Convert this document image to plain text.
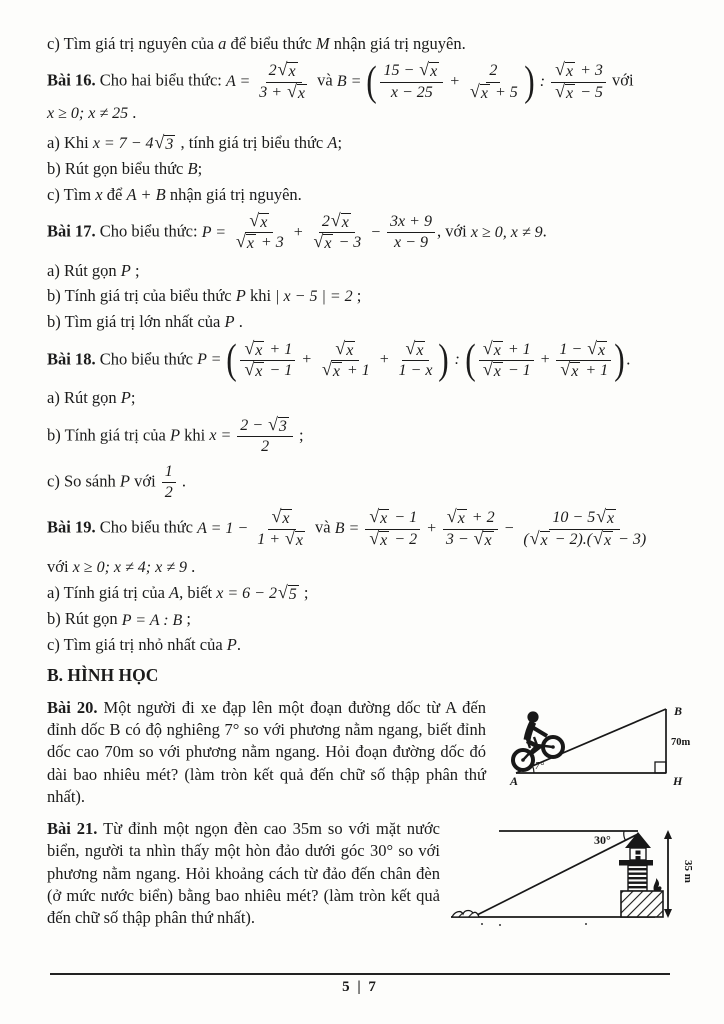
c) Tìm giá trị nguyên của a để biểu thức M nhận giá trị nguyên.
Bài 16. Cho hai biểu thức: $A = \frac{2 √ x}{3 + √ x}$ và B = ( $\frac{15 - √ x}{x - 25} + \frac{2}{√ x + 5}$ ) : $\frac{√ x + 3}{√ x - 5}$ với
x ≥ 0; x ≠ 25 .
a) Khi x = 7 − 4 √ 3 , tính giá trị biểu thức A;
b) Rút gọn biểu thức B;
c) Tìm x để A + B nhận giá trị nguyên.
Bài 17. Cho biểu thức: $P = \frac{√ x}{√ x + 3} + \frac{2 √ x}{√ x - 3} - \frac{3x + 9}{x - 9}$ , với x ≥ 0, x ≠ 9 .
a) Rút gọn P ;
b) Tính giá trị của biểu thức P khi | x − 5 | = 2 ;
b) Tìm giá trị lớn nhất của P .
Bài 18. Cho biểu thức P = ( $\frac{√ x + 1}{√ x - 1} + \frac{√ x}{√ x + 1} + \frac{√ x}{1 - x}$ ) : ( $\frac{√ x + 1}{√ x - 1} + \frac{1 - √ x}{√ x + 1}$ ) .
a) Rút gọn P;
b) Tính giá trị của P khi $x = \frac{2 - √ 3}{2}$ ;
c) So sánh P với $\frac{1}{2}$ .
Bài 19. Cho biểu thức $A = 1 - \frac{√ x}{1 + √ x}$ và $B = \frac{√ x - 1}{√ x - 2} + \frac{√ x + 2}{3 - √ x} - \frac{10 - 5 √ x}{( √ x - 2).( √ x - 3)}$
với x ≥ 0; x ≠ 4; x ≠ 9 .
a) Tính giá trị của A, biết x = 6 − 2 √ 5 ;
b) Rút gọn P = A : B ;
c) Tìm giá trị nhỏ nhất của P.
B. HÌNH HỌC
Bài 20. Một người đi xe đạp lên một đoạn đường dốc từ A đến đỉnh dốc B có độ nghiêng 7° so với phương nằm ngang, biết đỉnh dốc cao 70m so với phương nằm ngang. Hỏi đoạn đường dốc đó dài bao nhiêu mét? (làm tròn kết quả đến chữ số thập phân thứ nhất).
A	H
B
70m
7°
Bài 21. Từ đỉnh một ngọn đèn cao 35m so với mặt nước biển, người ta nhìn thấy một hòn đảo dưới góc 30° so với phương nằm ngang. Hỏi khoảng cách từ đảo đến chân đèn (ở mức nước biển) bằng bao nhiêu mét? (làm tròn kết quả đến chữ số thập phân thứ nhất).
30°
35 m
5 | 7
